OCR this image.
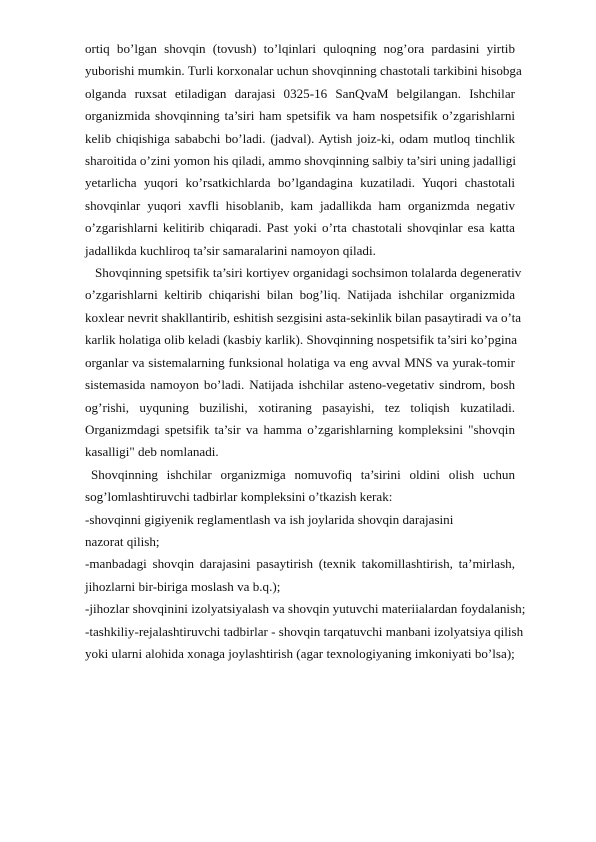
ortiq bo’lgan shovqin (tovush) to’lqinlari quloqning nog’ora pardasini yirtib
yuborishi mumkin. Turli korxonalar uchun shovqinning chastotali tarkibini hisobga
olganda ruxsat etiladigan darajasi 0325-16 SanQvaM belgilangan. Ishchilar
organizmida shovqinning ta’siri ham spetsifik va ham nospetsifik o’zgarishlarni
kelib chiqishiga sababchi bo’ladi. (jadval). Aytish joiz-ki, odam mutloq tinchlik
sharoitida o’zini yomon his qiladi, ammo shovqinning salbiy ta’siri uning jadalligi
yetarlicha yuqori ko’rsatkichlarda bo’lgandagina kuzatiladi. Yuqori chastotali
shovqinlar yuqori xavfli hisoblanib, kam jadallikda ham organizmda negativ
o’zgarishlarni kelitirib chiqaradi. Past yoki o’rta chastotali shovqinlar esa katta
jadallikda kuchliroq ta’sir samaralarini namoyon qiladi.
Shovqinning spetsifik ta’siri kortiyev organidagi sochsimon tolalarda degenerativ
o’zgarishlarni keltirib chiqarishi bilan bog’liq. Natijada ishchilar organizmida
koxlear nevrit shakllantirib, eshitish sezgisini asta-sekinlik bilan pasaytiradi va o’ta
karlik holatiga olib keladi (kasbiy karlik). Shovqinning nospetsifik ta’siri ko’pgina
organlar va sistemalarning funksional holatiga va eng avval MNS va yurak-tomir
sistemasida namoyon bo’ladi. Natijada ishchilar asteno-vegetativ sindrom, bosh
og’rishi, uyquning buzilishi, xotiraning pasayishi, tez toliqish kuzatiladi.
Organizmdagi spetsifik ta’sir va hamma o’zgarishlarning kompleksini "shovqin
kasalligi" deb nomlanadi.
Shovqinning ishchilar organizmiga nomuvofiq ta’sirini oldini olish uchun
sog’lomlashtiruvchi tadbirlar kompleksini o’tkazish kerak:
-shovqinni gigiyenik reglamentlash va ish joylarida shovqin darajasini
nazorat qilish;
-manbadagi shovqin darajasini pasaytirish (texnik takomillashtirish, ta’mirlash,
jihozlarni bir-biriga moslash va b.q.);
-jihozlar shovqinini izolyatsiyalash va shovqin yutuvchi materiialardan foydalanish;
-tashkiliy-rejalashtiruvchi tadbirlar - shovqin tarqatuvchi manbani izolyatsiya qilish
yoki ularni alohida xonaga joylashtirish (agar texnologiyaning imkoniyati bo’lsa);
